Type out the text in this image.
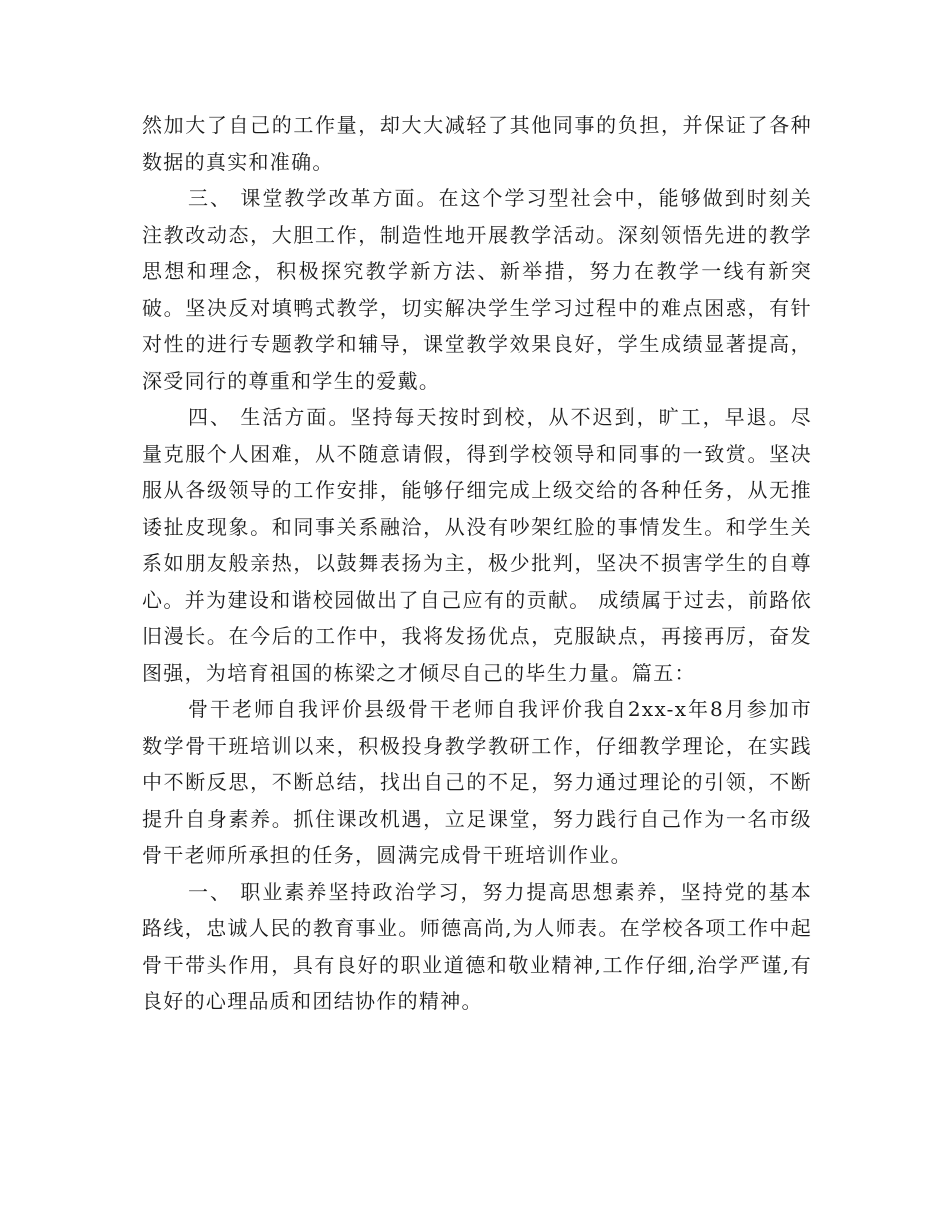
然加大了自己的工作量，却大大减轻了其他同事的负担，并保证了各种数据的真实和准确。

三、 课堂教学改革方面。在这个学习型社会中，能够做到时刻关注教改动态，大胆工作，制造性地开展教学活动。深刻领悟先进的教学思想和理念，积极探究教学新方法、新举措，努力在教学一线有新突破。坚决反对填鸭式教学，切实解决学生学习过程中的难点困惑，有针对性的进行专题教学和辅导，课堂教学效果良好，学生成绩显著提高，深受同行的尊重和学生的爱戴。

四、 生活方面。坚持每天按时到校，从不迟到，旷工，早退。尽量克服个人困难，从不随意请假，得到学校领导和同事的一致赏。坚决服从各级领导的工作安排，能够仔细完成上级交给的各种任务，从无推诿扯皮现象。和同事关系融洽，从没有吵架红脸的事情发生。和学生关系如朋友般亲热，以鼓舞表扬为主，极少批判，坚决不损害学生的自尊心。并为建设和谐校园做出了自己应有的贡献。 成绩属于过去，前路依旧漫长。在今后的工作中，我将发扬优点，克服缺点，再接再厉，奋发图强，为培育祖国的栋梁之才倾尽自己的毕生力量。篇五：

骨干老师自我评价县级骨干老师自我评价我自2xx-x年8月参加市数学骨干班培训以来，积极投身教学教研工作，仔细教学理论，在实践中不断反思，不断总结，找出自己的不足，努力通过理论的引领，不断提升自身素养。抓住课改机遇，立足课堂，努力践行自己作为一名市级骨干老师所承担的任务，圆满完成骨干班培训作业。

一、 职业素养坚持政治学习，努力提高思想素养，坚持党的基本路线，忠诚人民的教育事业。师德高尚,为人师表。在学校各项工作中起骨干带头作用，具有良好的职业道德和敬业精神,工作仔细,治学严谨,有良好的心理品质和团结协作的精神。
